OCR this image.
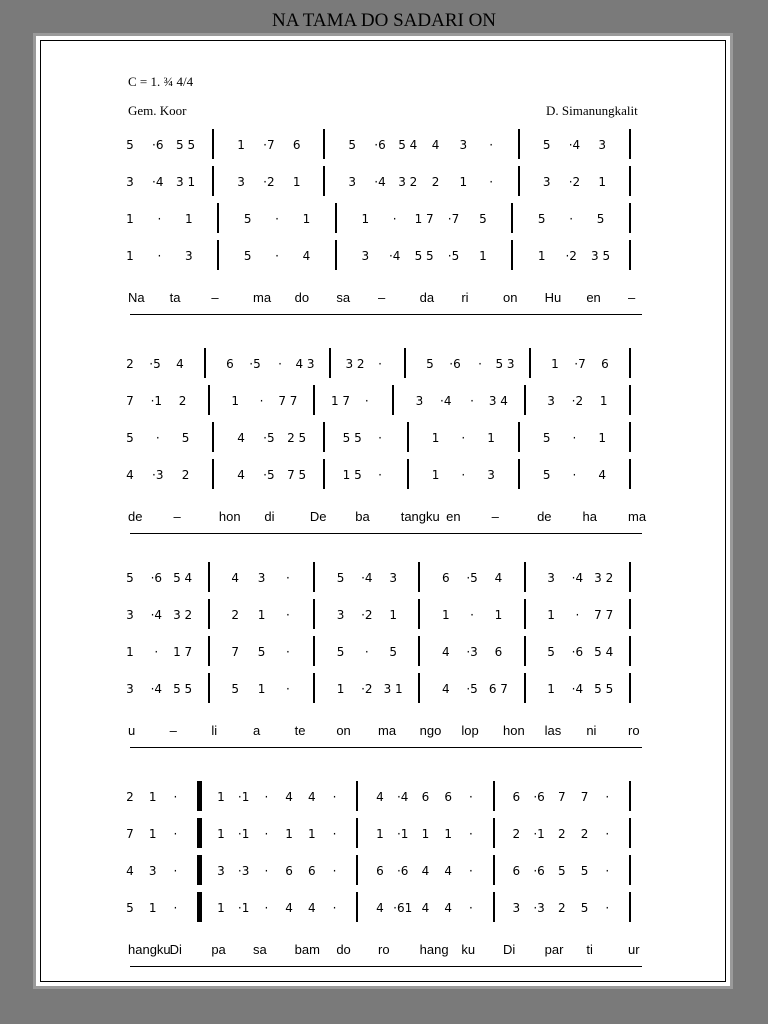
NA TAMA DO SADARI ON
C = 1. ¾ 4/4
Gem. Koor	D. Simanungkalit
5 ·6 5 5	1 ·7 6	5 ·6 5 4 4 3 ·	5 ·4 3
3 ·4 3 1	3 ·2 1	3 ·4 3 2 2 1 ·	3 ·2 1
1 · 1	5 · 1	1 · 1 7 ·7 5	5 · 5
1 · 3	5 · 4	3 ·4 5 5 ·5 1	1 ·2 3 5
Na ta –	ma do sa –	da ri	on Hu en –
2 ·5 4	6 ·5 · 4 3	3 2 ·	5 ·6 · 5 3	1 ·7 6
7 ·1 2	1 · 7 7	1 7 ·	3 ·4 · 3 4	3 ·2 1
5 · 5	4 ·5 2 5	5 5 ·	1 · 1	5 · 1
4 ·3 2	4 ·5 7 5	1 5 ·	1 · 3	5 · 4
de –	hon di	De ba tangku en –	de ha ma
5 ·6 5 4	4 3 ·	5 ·4 3	6 ·5 4	3 ·4 3 2
3 ·4 3 2	2 1 ·	3 ·2 1	1 · 1	1 · 7 7
1 · 1 7	7 5 ·	5 · 5	4 ·3 6	5 ·6 5 4
3 ·4 5 5	5 1 ·	1 ·2 3 1	4 ·5 6 7	1 ·4 5 5
u	–	li	a	te on ma ngo lop hon las ni ro
2 1 ·	1 ·1 · 4 4 ·	4 ·4 6 6 ·	6 ·6 7 7 ·
7 1 ·	1 ·1 · 1 1 ·	1 ·1 1 1 ·	2 ·1 2 2 ·
4 3 ·	3 ·3 · 6 6 ·	6 ·6 4 4 ·	6 ·6 5 5 ·
5 1 ·	1 ·1 · 4 4 ·	4 ·61 4 4 ·	3 ·3 2 5 ·
hangku Di pa sa bam do ro hang ku Di par ti	ur
